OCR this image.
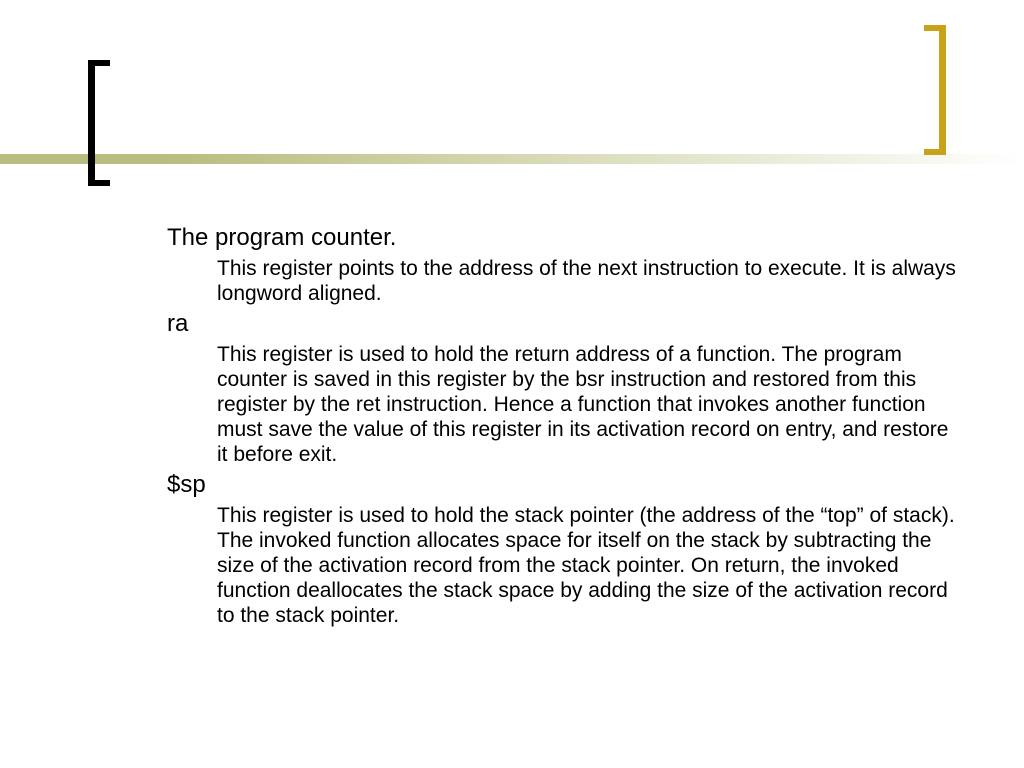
The program counter.
This register points to the address of the next instruction to execute. It is always longword aligned.
ra
This register is used to hold the return address of a function. The program counter is saved in this register by the bsr instruction and restored from this register by the ret instruction. Hence a function that invokes another function must save the value of this register in its activation record on entry, and restore it before exit.
$sp
This register is used to hold the stack pointer (the address of the “top” of stack). The invoked function allocates space for itself on the stack by subtracting the size of the activation record from the stack pointer. On return, the invoked function deallocates the stack space by adding the size of the activation record to the stack pointer.
